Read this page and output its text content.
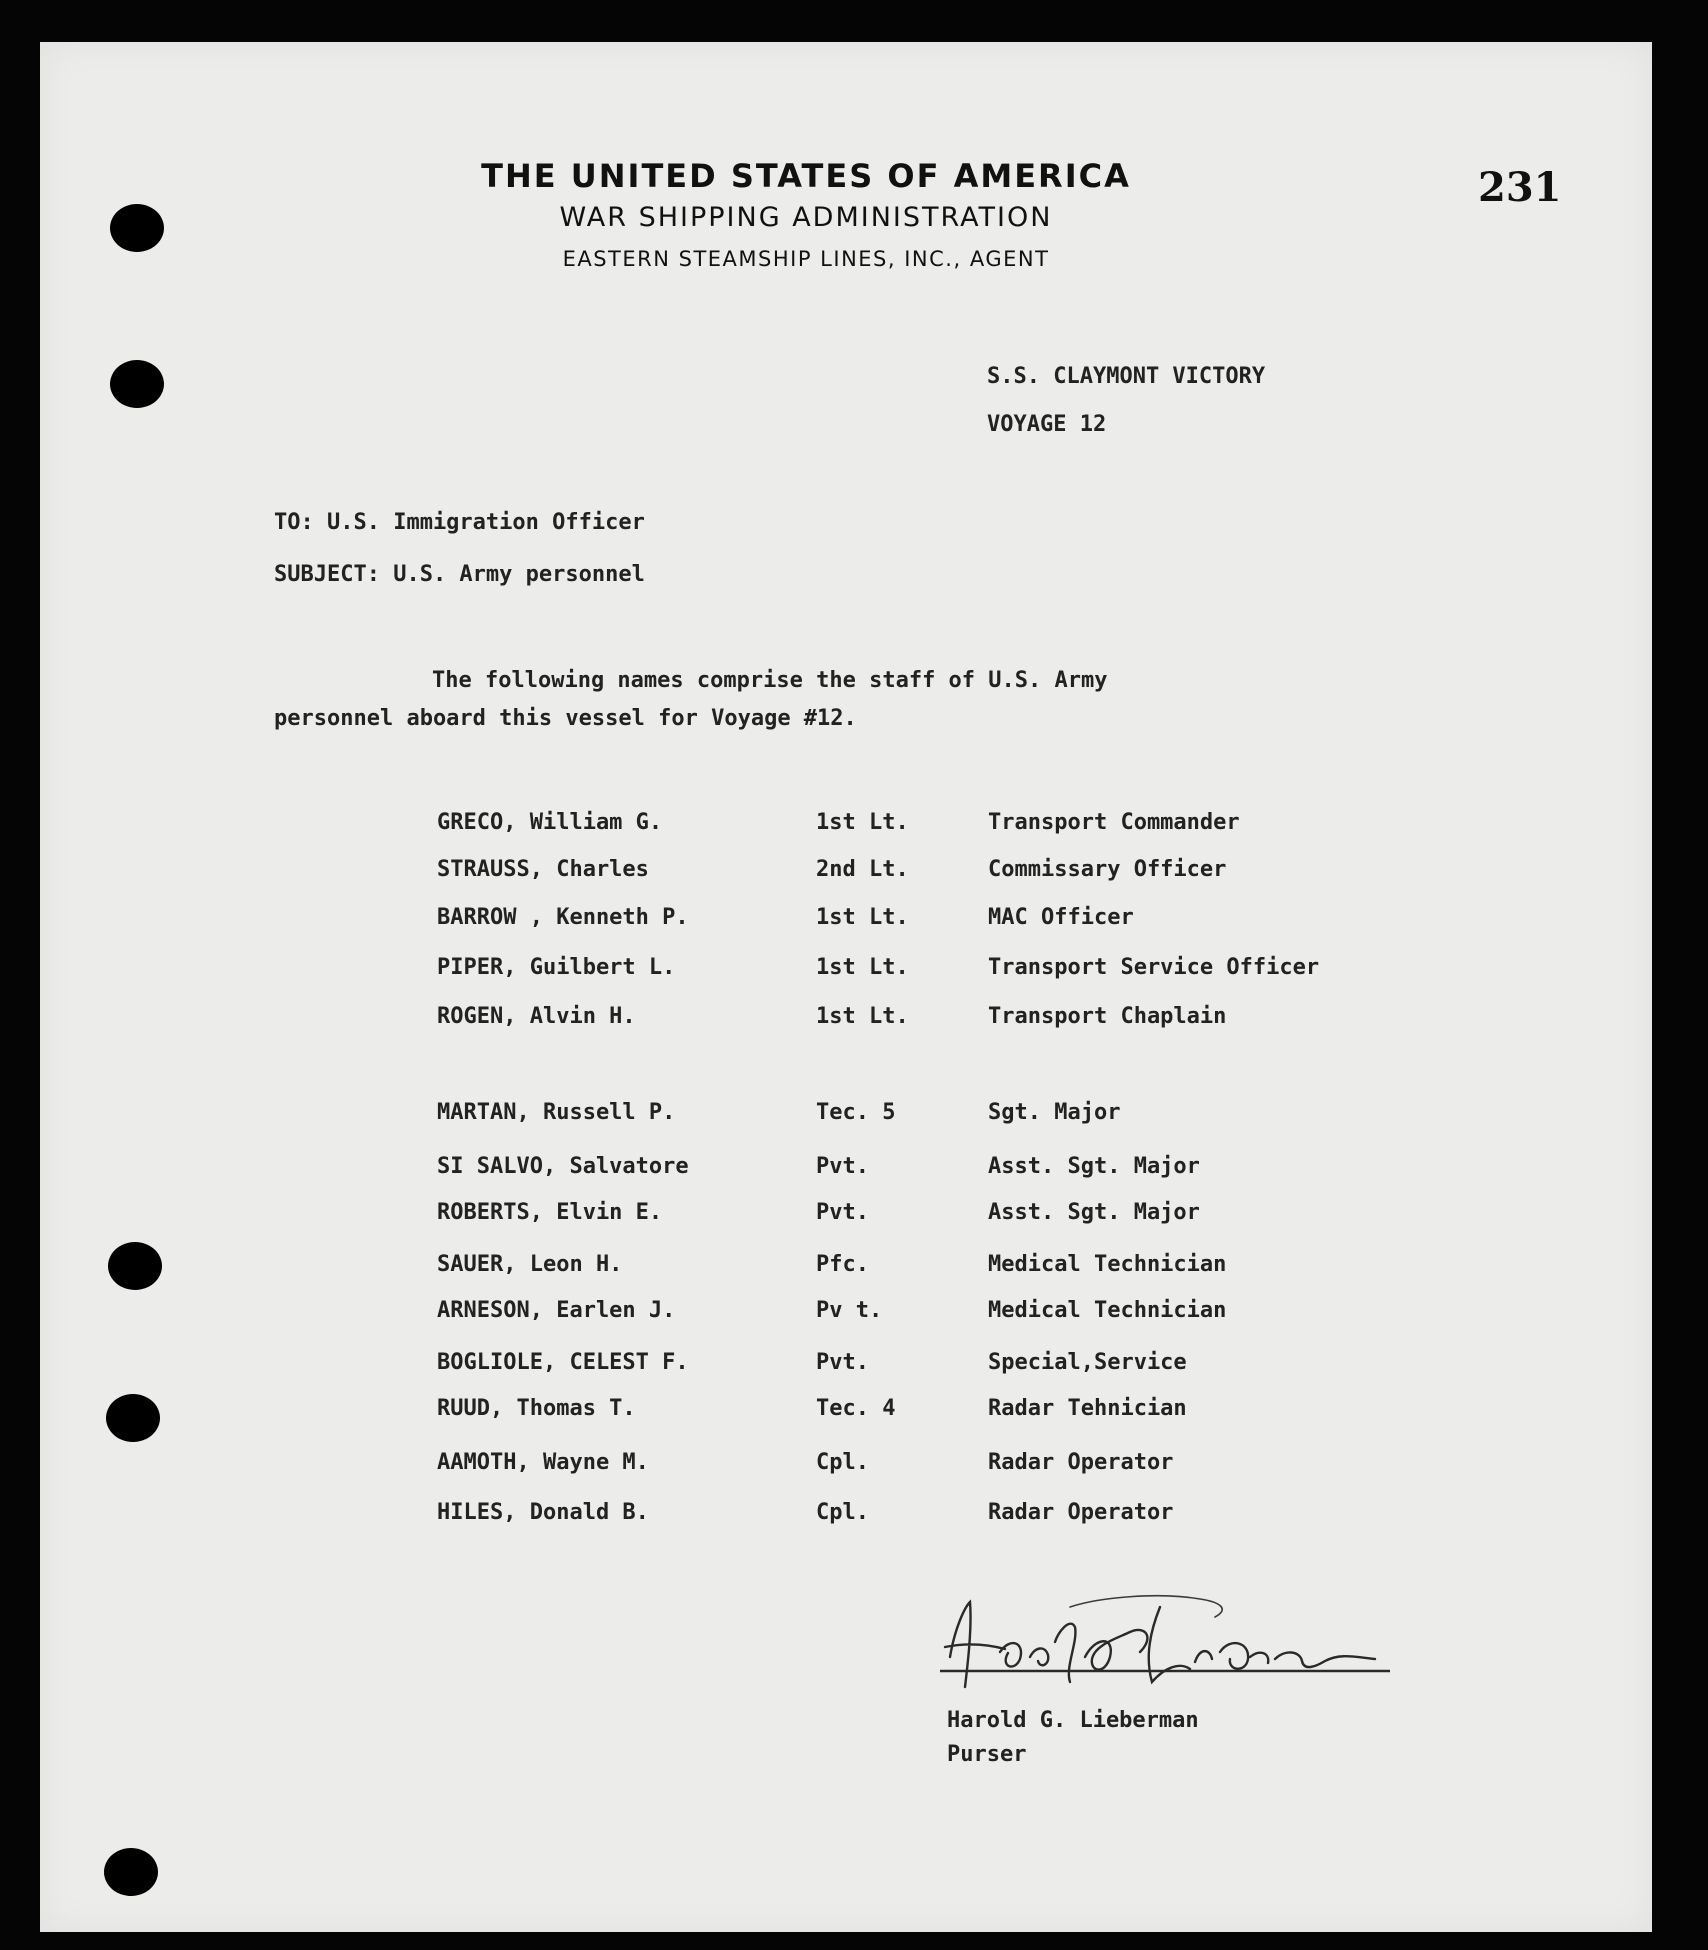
THE UNITED STATES OF AMERICA
WAR SHIPPING ADMINISTRATION
EASTERN STEAMSHIP LINES, INC., AGENT
231
S.S. CLAYMONT VICTORY
VOYAGE 12
TO: U.S. Immigration Officer
SUBJECT: U.S. Army personnel
The following names comprise the staff of U.S. Army
personnel aboard this vessel for Voyage #12.
GRECO, William G.	1st Lt.	Transport Commander
STRAUSS, Charles	2nd Lt.	Commissary Officer
BARROW , Kenneth P.	1st Lt.	MAC Officer
PIPER, Guilbert L.	1st Lt.	Transport Service Officer
ROGEN, Alvin H.	1st Lt.	Transport Chaplain
MARTAN, Russell P.	Tec. 5	Sgt. Major
SI SALVO, Salvatore	Pvt.	Asst. Sgt. Major
ROBERTS, Elvin E.	Pvt.	Asst. Sgt. Major
SAUER, Leon H.	Pfc.	Medical Technician
ARNESON, Earlen J.	Pv t.	Medical Technician
BOGLIOLE, CELEST F.	Pvt.	Special,Service
RUUD, Thomas T.	Tec. 4	Radar Tehnician
AAMOTH, Wayne M.	Cpl.	Radar Operator
HILES, Donald B.	Cpl.	Radar Operator
Harold G. Lieberman
Purser
